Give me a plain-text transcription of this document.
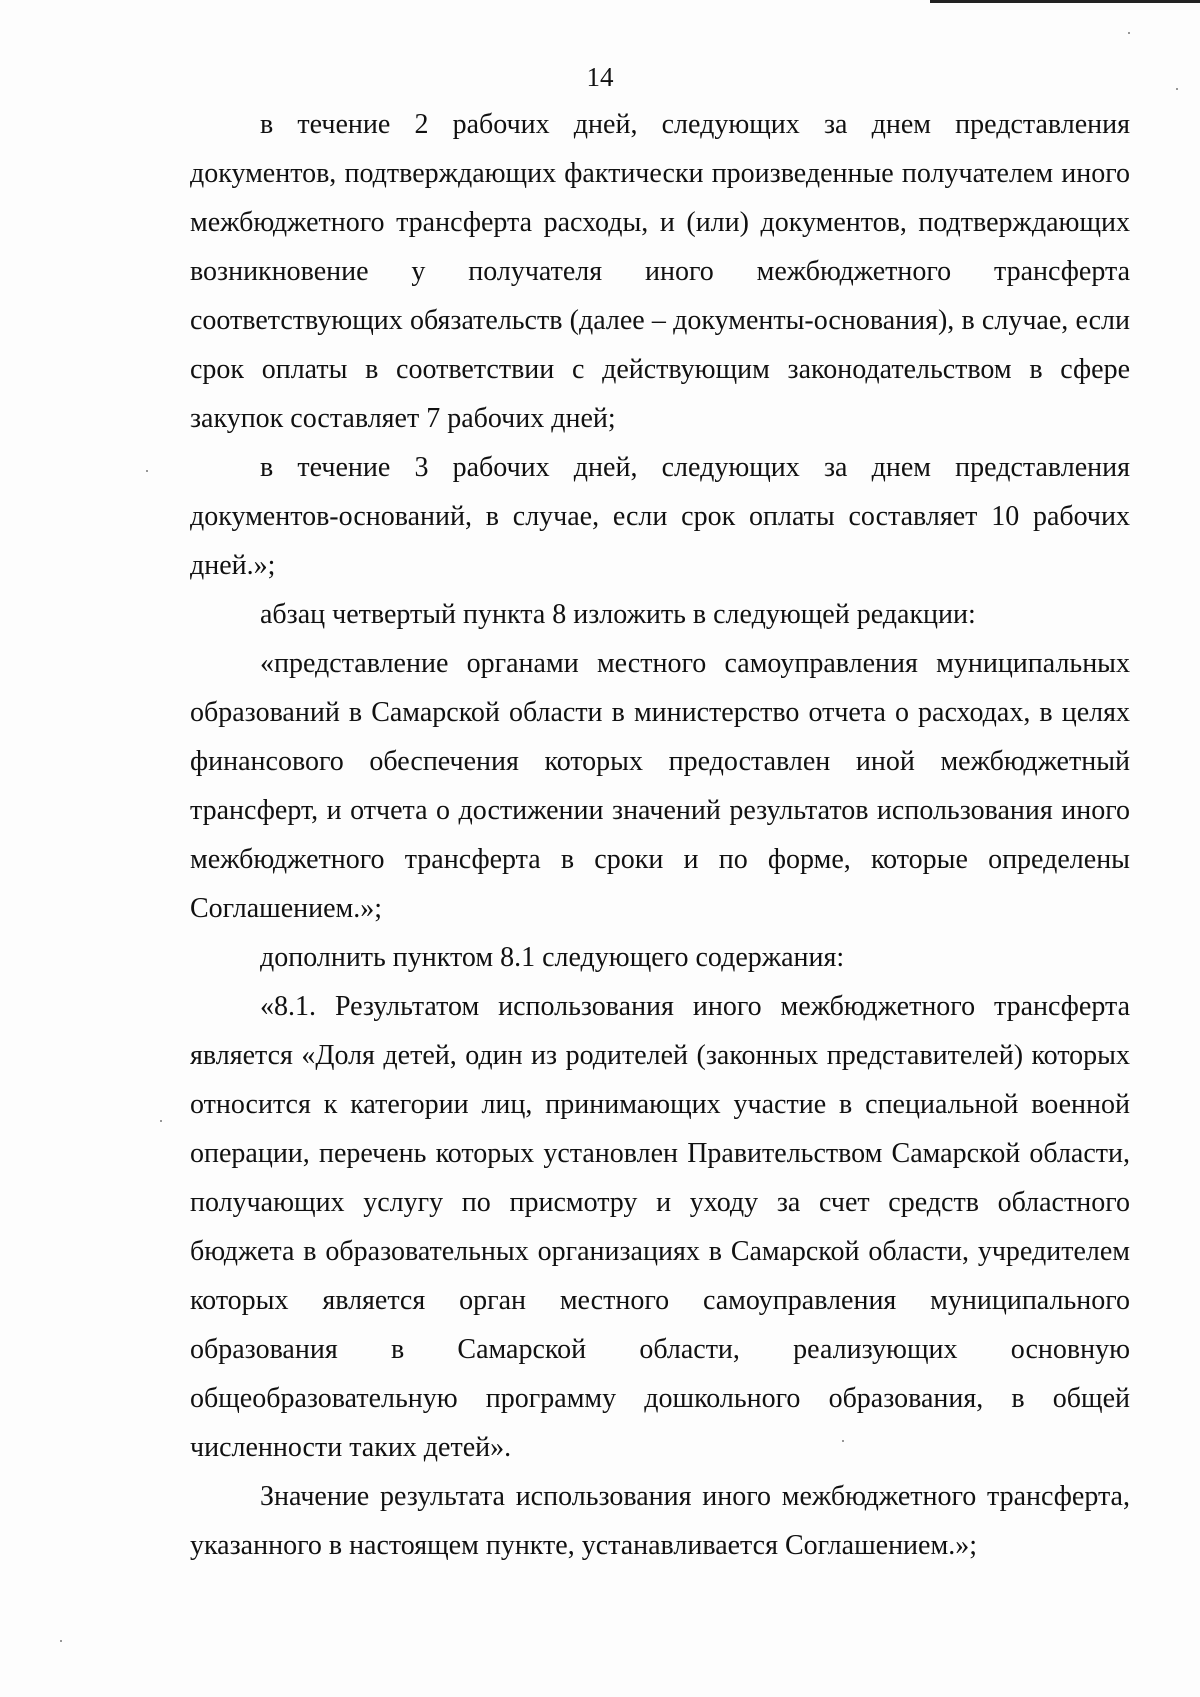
14

в течение 2 рабочих дней, следующих за днем представления документов, подтверждающих фактически произведенные получателем иного межбюджетного трансферта расходы, и (или) документов, подтверждающих возникновение у получателя иного межбюджетного трансферта соответствующих обязательств (далее – документы-основания), в случае, если срок оплаты в соответствии с действующим законодательством в сфере закупок составляет 7 рабочих дней;

в течение 3 рабочих дней, следующих за днем представления документов-оснований, в случае, если срок оплаты составляет 10 рабочих дней.»;

абзац четвертый пункта 8 изложить в следующей редакции:

«представление органами местного самоуправления муниципальных образований в Самарской области в министерство отчета о расходах, в целях финансового обеспечения которых предоставлен иной межбюджетный трансферт, и отчета о достижении значений результатов использования иного межбюджетного трансферта в сроки и по форме, которые определены Соглашением.»;

дополнить пунктом 8.1 следующего содержания:

«8.1. Результатом использования иного межбюджетного трансферта является «Доля детей, один из родителей (законных представителей) которых относится к категории лиц, принимающих участие в специальной военной операции, перечень которых установлен Правительством Самарской области, получающих услугу по присмотру и уходу за счет средств областного бюджета в образовательных организациях в Самарской области, учредителем которых является орган местного самоуправления муниципального образования в Самарской области, реализующих основную общеобразовательную программу дошкольного образования, в общей численности таких детей».

Значение результата использования иного межбюджетного трансферта, указанного в настоящем пункте, устанавливается Соглашением.»;
